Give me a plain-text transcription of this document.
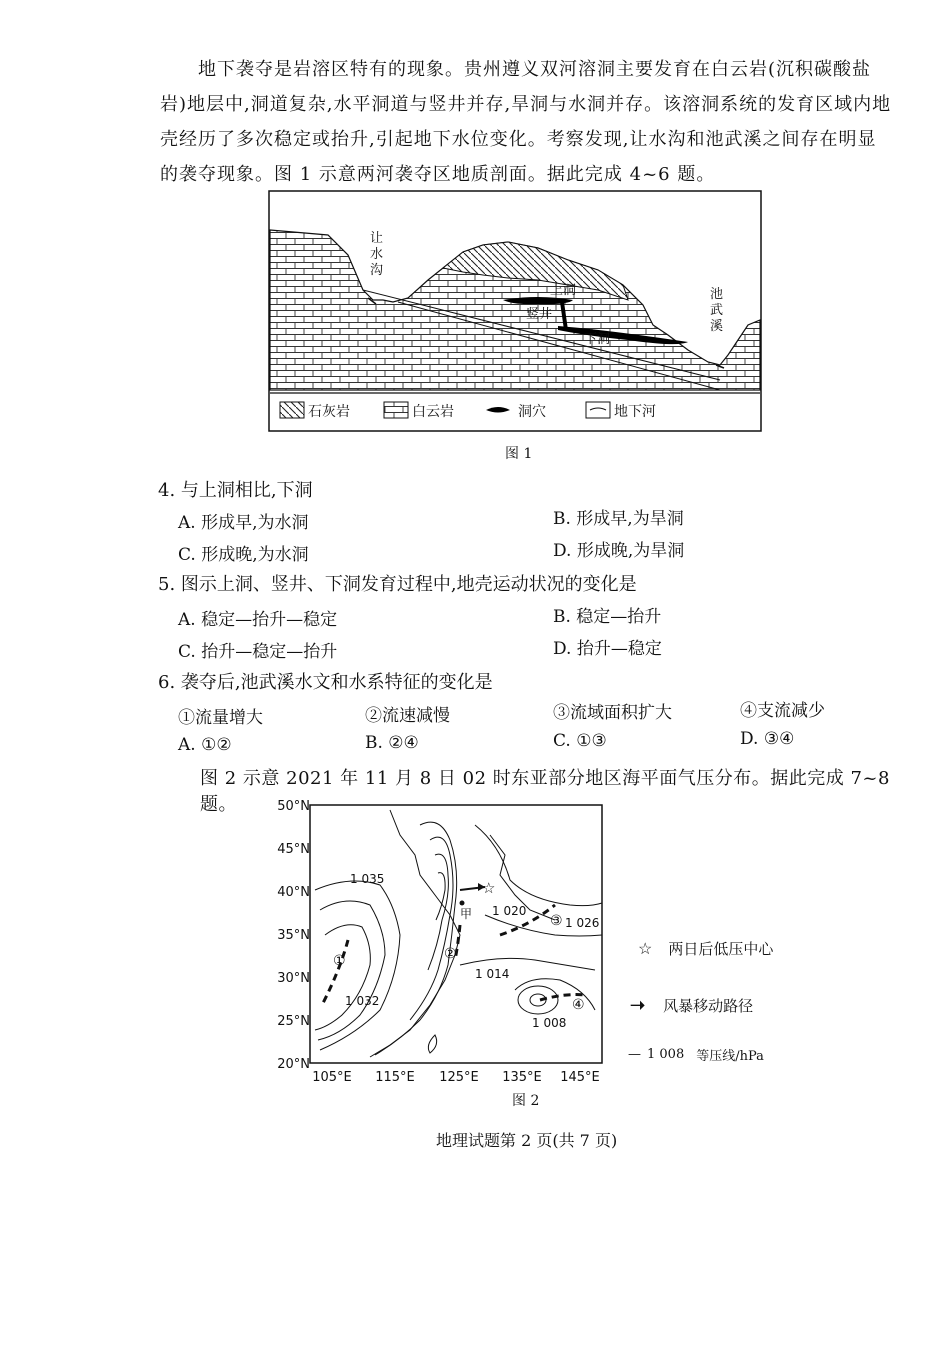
地下袭夺是岩溶区特有的现象。贵州遵义双河溶洞主要发育在白云岩(沉积碳酸盐岩)地层中,洞道复杂,水平洞道与竖井并存,旱洞与水洞并存。该溶洞系统的发育区域内地壳经历了多次稳定或抬升,引起地下水位变化。考察发现,让水沟和池武溪之间存在明显的袭夺现象。图 1 示意两河袭夺区地质剖面。据此完成 4~6 题。
让
水
沟
池
武
溪
上洞
竖井
下洞
石灰岩	白云岩	洞穴	地下河
图 1
4. 与上洞相比,下洞
A. 形成早,为水洞	B. 形成早,为旱洞
C. 形成晚,为水洞	D. 形成晚,为旱洞
5. 图示上洞、竖井、下洞发育过程中,地壳运动状况的变化是
A. 稳定—抬升—稳定	B. 稳定—抬升
C. 抬升—稳定—抬升	D. 抬升—稳定
6. 袭夺后,池武溪水文和水系特征的变化是
①流量增大	②流速减慢	③流域面积扩大	④支流减少
A. ①②	B. ②④	C. ①③	D. ③④
图 2 示意 2021 年 11 月 8 日 02 时东亚部分地区海平面气压分布。据此完成 7~8 题。	50°N
45°N
40°N
35°N
30°N
25°N
20°N
105°E 115°E 125°E 135°E 145°E
☆
1 035
1 032
1 020
1 026
1 014
1 008
甲
①	②
③
④
☆ 两日后低压中心
➝ 风暴移动路径
— 1 008 等压线/hPa
图 2
地理试题第 2 页(共 7 页)
